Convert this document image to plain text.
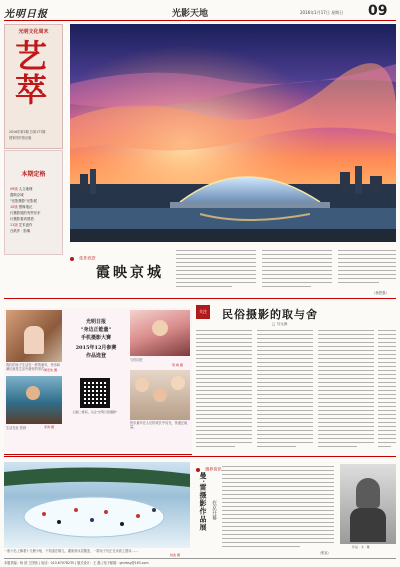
光明日报	光影天地	2016年1月17日 星期日 09
光明文化周末
艺
萃
2016年第2期 总第177期
国家图书馆出版
本期定格
09版 人文地理
霞映京城
"光影摄影"光影展
10版 图像笔记
行摄影展的有些东东
行摄影看到感悟
11版 艺术创作
白纸作 · 影像
佳作欣赏
霞映京城
（杨恩强）
我们的孩子生活在一样的童年，快乐和满足就是生活中最好的形式。
周宏伟 摄
生活在此 张婷	李鸿 摄
光明日报
"身边正能量"
手机摄影大赛
2015年12月参赛
作品选登
扫描二维码，关注"光明日报摄影"
与你同在
周 峰 摄
快乐童年在人们的成长中闪光，传递正能量。
关注 民俗摄影的取与舍
□ 马元涛
一座小岛上飘着十几艘小船，不知道在哪儿，湖面被冰层覆盖，一群孩子们正在冰面上嬉戏……
杨波 摄
摄界资讯
曼·雷摄影作品展 在京开幕
（张宸）
作品 · 木 · 雅
本版责编：杨 波 王国伟 | 电话：010-67078235 | 版式设计：王 磊 | 电子邮箱：gmrbsy@163.com
